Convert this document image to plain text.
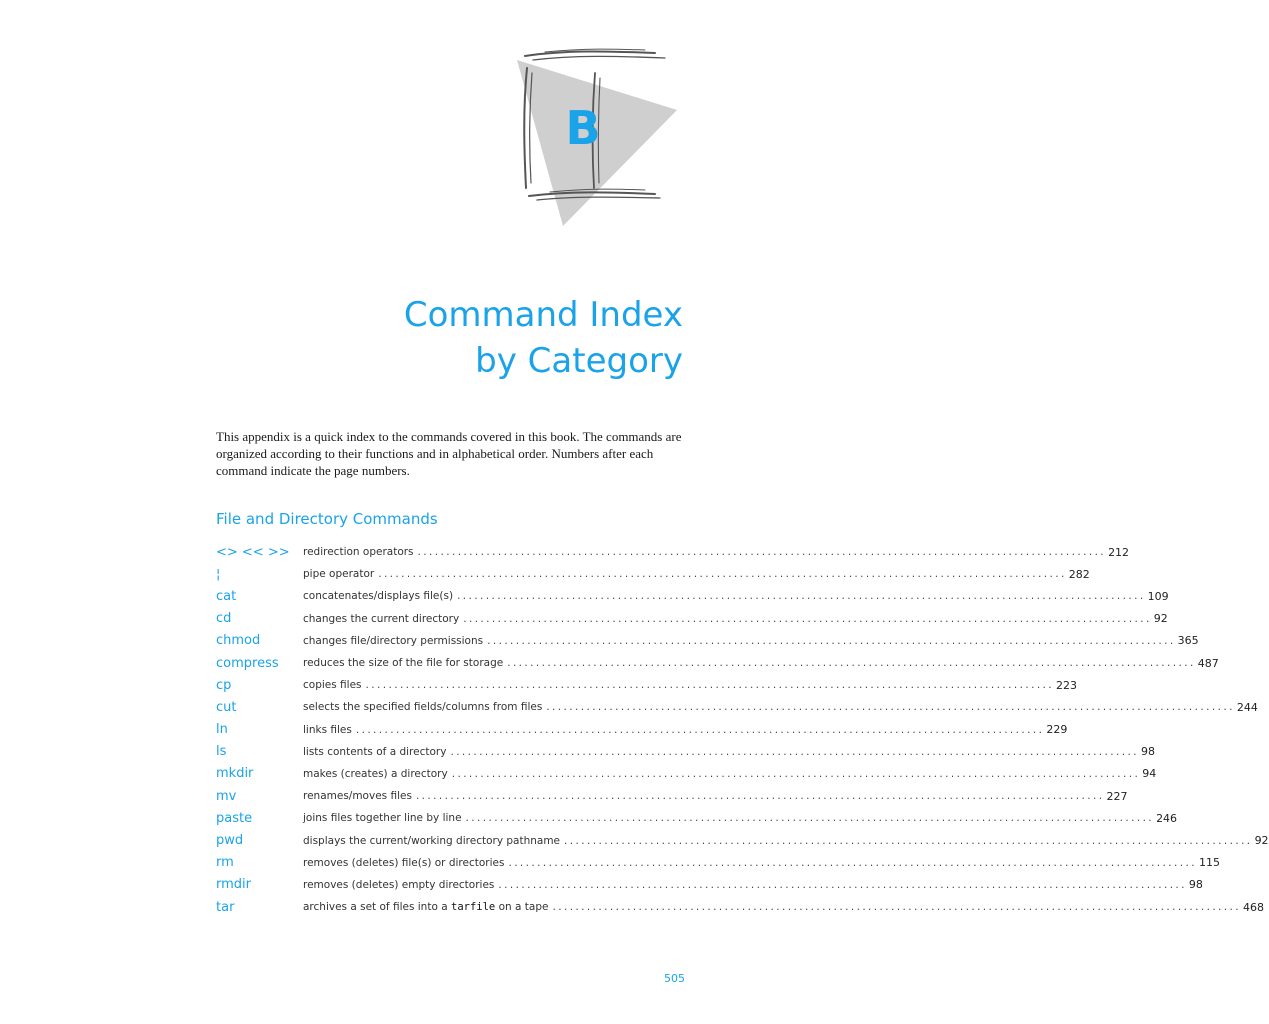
B
Command Index
by Category

This appendix is a quick index to the commands covered in this book. The commands are organized according to their functions and in alphabetical order. Numbers after each command indicate the page numbers.

File and Directory Commands
<> << >>	redirection operators ........................................................................................................................ 212
¦	pipe operator ........................................................................................................................ 282
cat	concatenates/displays file(s) ........................................................................................................................ 109
cd	changes the current directory ........................................................................................................................ 92
chmod	changes file/directory permissions ........................................................................................................................ 365
compress	reduces the size of the file for storage ........................................................................................................................ 487
cp	copies files ........................................................................................................................ 223
cut	selects the specified fields/columns from files ........................................................................................................................ 244
ln	links files ........................................................................................................................ 229
ls	lists contents of a directory ........................................................................................................................ 98
mkdir	makes (creates) a directory ........................................................................................................................ 94
mv	renames/moves files ........................................................................................................................ 227
paste	joins files together line by line ........................................................................................................................ 246
pwd	displays the current/working directory pathname ........................................................................................................................ 92
rm	removes (deletes) file(s) or directories ........................................................................................................................ 115
rmdir	removes (deletes) empty directories ........................................................................................................................ 98
tar	archives a set of files into a tarfile on a tape ........................................................................................................................ 468
505
